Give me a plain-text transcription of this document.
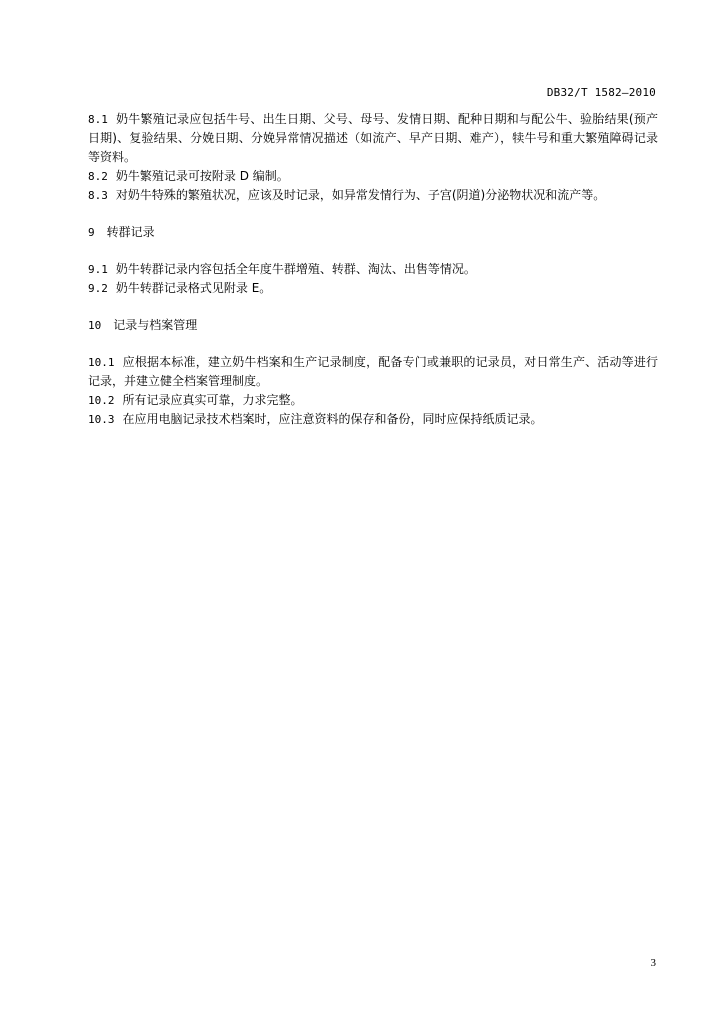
DB32/T 1582—2010

8.1 奶牛繁殖记录应包括牛号、出生日期、父号、母号、发情日期、配种日期和与配公牛、验胎结果(预产日期)、复验结果、分娩日期、分娩异常情况描述（如流产、早产日期、难产），犊牛号和重大繁殖障碍记录等资料。

8.2 奶牛繁殖记录可按附录 D 编制。

8.3 对奶牛特殊的繁殖状况，应该及时记录，如异常发情行为、子宫(阴道)分泌物状况和流产等。

9 转群记录

9.1 奶牛转群记录内容包括全年度牛群增殖、转群、淘汰、出售等情况。

9.2 奶牛转群记录格式见附录 E。

10 记录与档案管理

10.1 应根据本标准，建立奶牛档案和生产记录制度，配备专门或兼职的记录员，对日常生产、活动等进行记录，并建立健全档案管理制度。

10.2 所有记录应真实可靠，力求完整。

10.3 在应用电脑记录技术档案时，应注意资料的保存和备份，同时应保持纸质记录。

3
